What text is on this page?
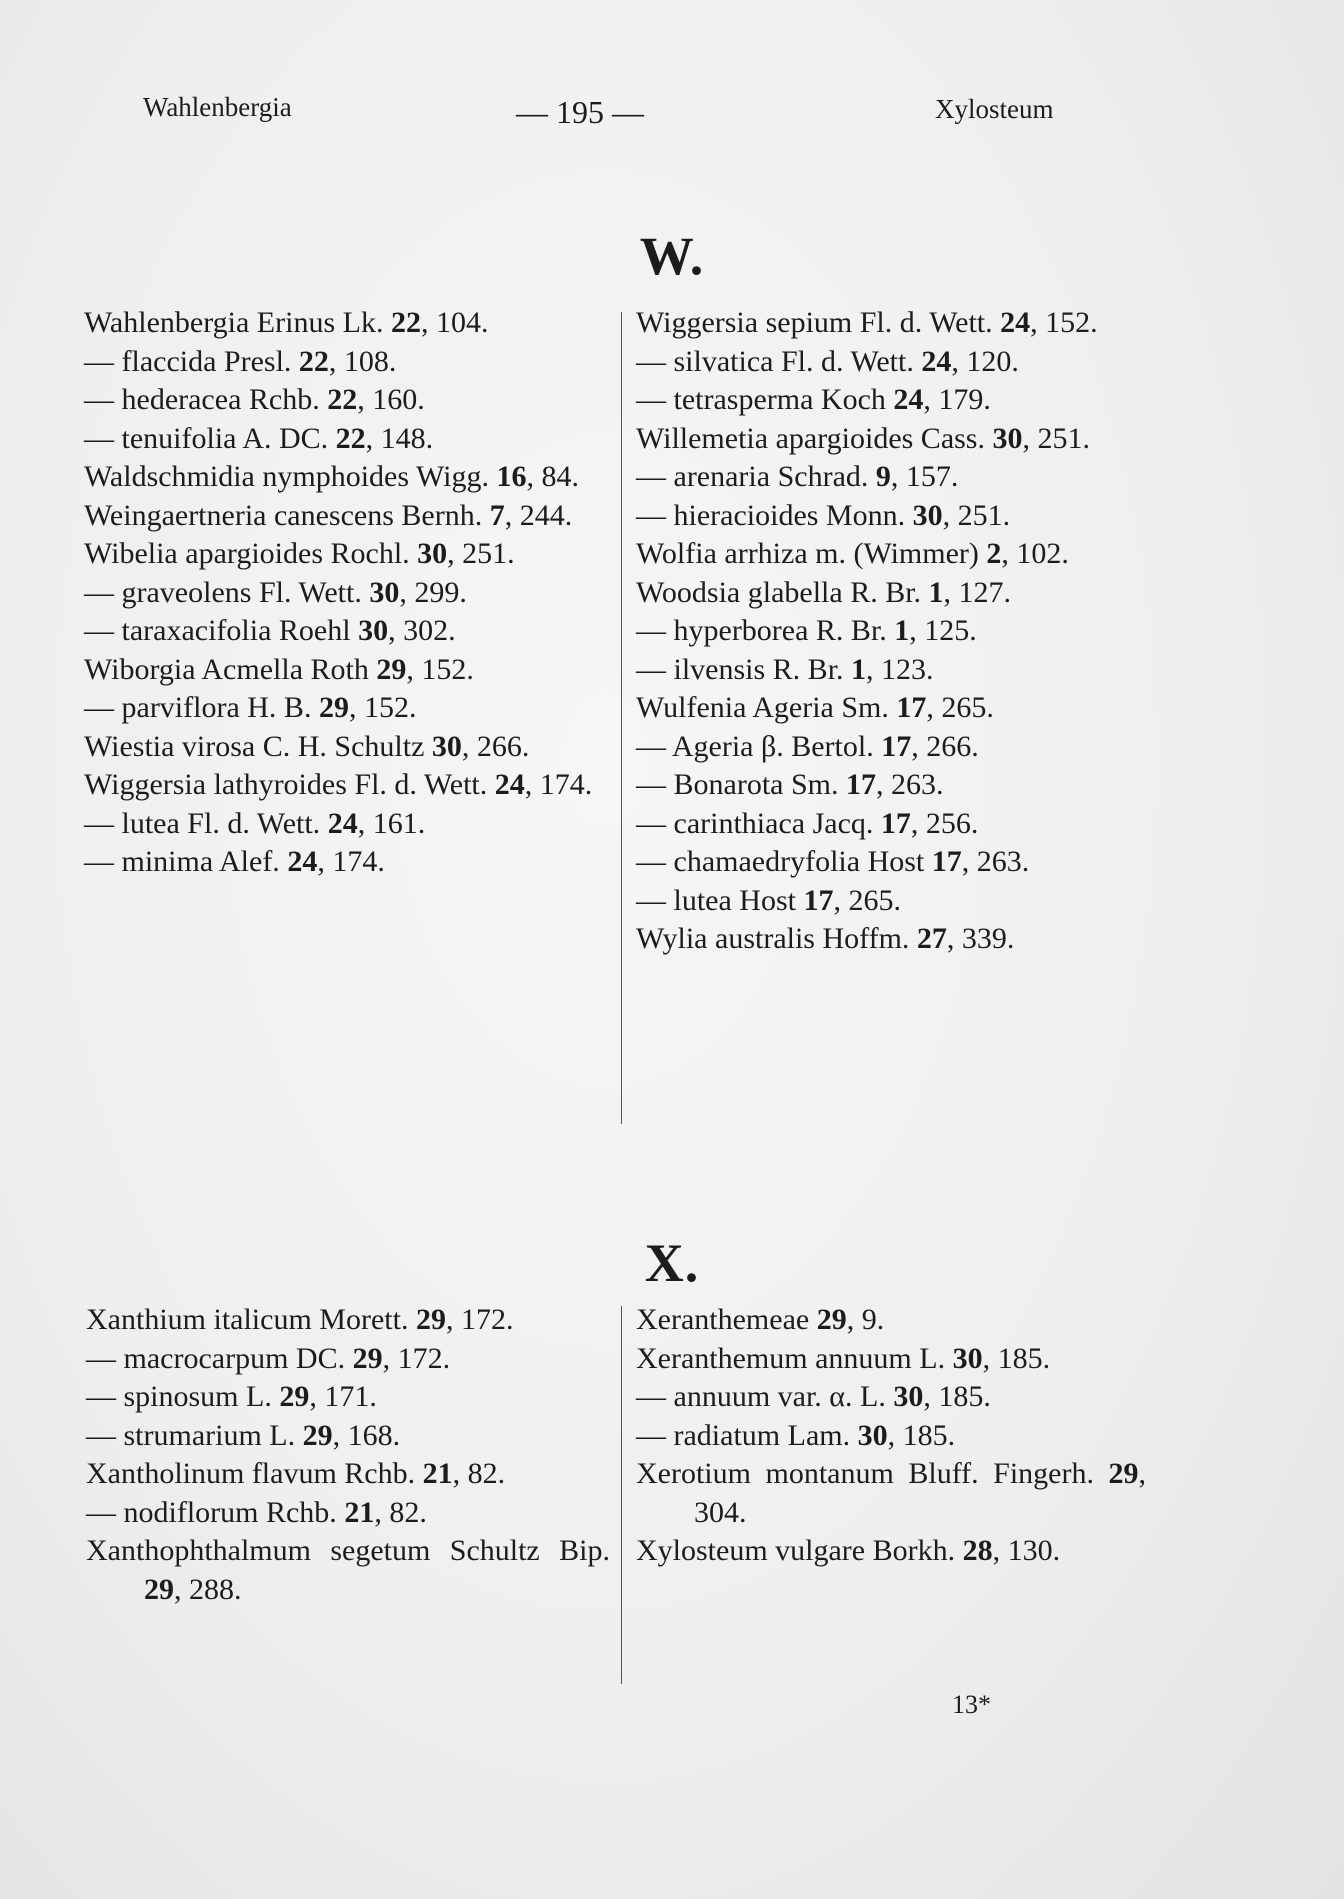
Wahlenbergia	— 195 —	Xylosteum
W.

Wahlenbergia Erinus Lk. 22, 104.

— flaccida Presl. 22, 108.

— hederacea Rchb. 22, 160.

— tenuifolia A. DC. 22, 148.

Waldschmidia nymphoides Wigg. 16, 84.

Weingaertneria canescens Bernh. 7, 244.

Wibelia apargioides Rochl. 30, 251.

— graveolens Fl. Wett. 30, 299.

— taraxacifolia Roehl 30, 302.

Wiborgia Acmella Roth 29, 152.

— parviflora H. B. 29, 152.

Wiestia virosa C. H. Schultz 30, 266.

Wiggersia lathyroides Fl. d. Wett. 24, 174.

— lutea Fl. d. Wett. 24, 161.

— minima Alef. 24, 174.

Wiggersia sepium Fl. d. Wett. 24, 152.

— silvatica Fl. d. Wett. 24, 120.

— tetrasperma Koch 24, 179.

Willemetia apargioides Cass. 30, 251.

— arenaria Schrad. 9, 157.

— hieracioides Monn. 30, 251.

Wolfia arrhiza m. (Wimmer) 2, 102.

Woodsia glabella R. Br. 1, 127.

— hyperborea R. Br. 1, 125.

— ilvensis R. Br. 1, 123.

Wulfenia Ageria Sm. 17, 265.

— Ageria β. Bertol. 17, 266.

— Bonarota Sm. 17, 263.

— carinthiaca Jacq. 17, 256.

— chamaedryfolia Host 17, 263.

— lutea Host 17, 265.

Wylia australis Hoffm. 27, 339.

X.

Xanthium italicum Morett. 29, 172.

— macrocarpum DC. 29, 172.

— spinosum L. 29, 171.

— strumarium L. 29, 168.

Xantholinum flavum Rchb. 21, 82.

— nodiflorum Rchb. 21, 82.

Xanthophthalmum segetum Schultz Bip. 29, 288.

Xeranthemeae 29, 9.

Xeranthemum annuum L. 30, 185.

— annuum var. α. L. 30, 185.

— radiatum Lam. 30, 185.

Xerotium montanum Bluff. Fingerh. 29, 304.

Xylosteum vulgare Borkh. 28, 130.

13*
